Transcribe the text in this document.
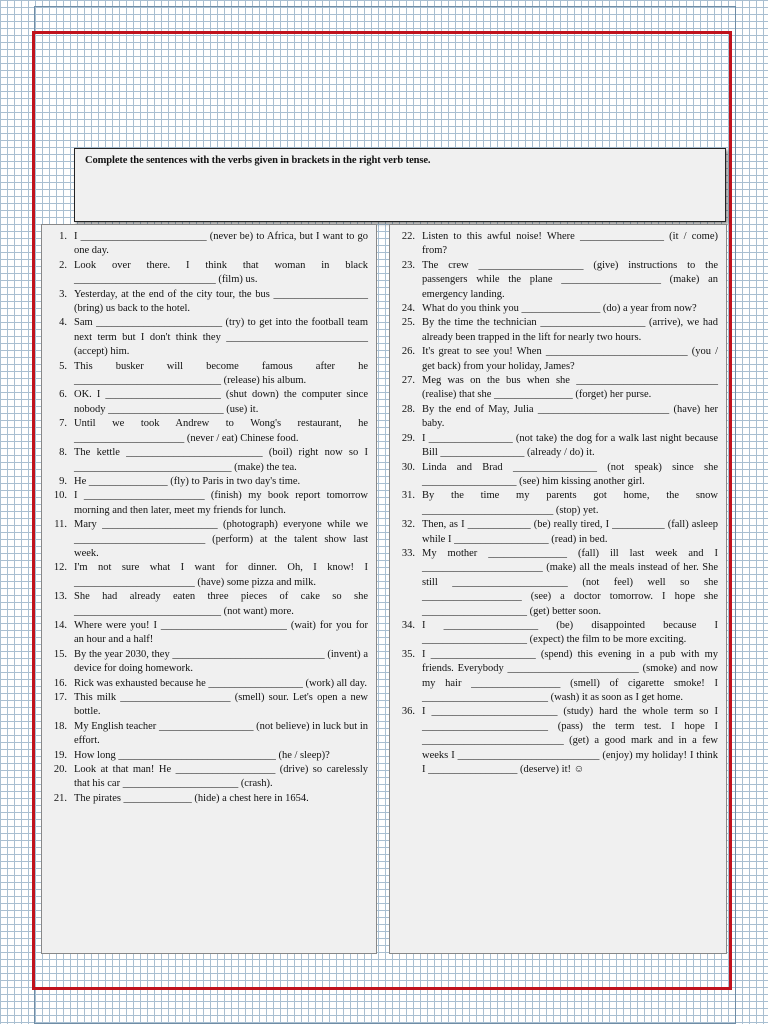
Complete the sentences with the verbs given in brackets in the right verb tense.
1. I ________________________ (never be) to Africa, but I want to go one day.
2. Look over there. I think that woman in black ___________________________ (film) us.
3. Yesterday, at the end of the city tour, the bus __________________ (bring) us back to the hotel.
4. Sam ________________________ (try) to get into the football team next term but I don't think they ___________________________ (accept) him.
5. This busker will become famous after he ____________________________ (release) his album.
6. OK. I ______________________ (shut down) the computer since nobody ______________________ (use) it.
7. Until we took Andrew to Wong's restaurant, he _____________________ (never / eat) Chinese food.
8. The kettle __________________________ (boil) right now so I ______________________________ (make) the tea.
9. He _______________ (fly) to Paris in two day's time.
10. I _______________________ (finish) my book report tomorrow morning and then later, meet my friends for lunch.
11. Mary ______________________ (photograph) everyone while we _________________________ (perform) at the talent show last week.
12. I'm not sure what I want for dinner. Oh, I know! I _______________________ (have) some pizza and milk.
13. She had already eaten three pieces of cake so she ____________________________ (not want) more.
14. Where were you! I ________________________ (wait) for you for an hour and a half!
15. By the year 2030, they _____________________________ (invent) a device for doing homework.
16. Rick was exhausted because he __________________ (work) all day.
17. This milk _____________________ (smell) sour. Let's open a new bottle.
18. My English teacher __________________ (not believe) in luck but in effort.
19. How long ______________________________ (he / sleep)?
20. Look at that man! He ___________________ (drive) so carelessly that his car ______________________ (crash).
21. The pirates _____________ (hide) a chest here in 1654.
22. Listen to this awful noise! Where ________________ (it / come) from?
23. The crew ____________________ (give) instructions to the passengers while the plane ___________________ (make) an emergency landing.
24. What do you think you _______________ (do) a year from now?
25. By the time the technician ____________________ (arrive), we had already been trapped in the lift for nearly two hours.
26. It's great to see you! When ___________________________ (you / get back) from your holiday, James?
27. Meg was on the bus when she ___________________________ (realise) that she _______________ (forget) her purse.
28. By the end of May, Julia _________________________ (have) her baby.
29. I ________________ (not take) the dog for a walk last night because Bill ________________ (already / do) it.
30. Linda and Brad ________________ (not speak) since she __________________ (see) him kissing another girl.
31. By the time my parents got home, the snow _________________________ (stop) yet.
32. Then, as I ____________ (be) really tired, I __________ (fall) asleep while I __________________ (read) in bed.
33. My mother _______________ (fall) ill last week and I _______________________ (make) all the meals instead of her. She still ______________________ (not feel) well so she ___________________ (see) a doctor tomorrow. I hope she ____________________ (get) better soon.
34. I __________________ (be) disappointed because I ____________________ (expect) the film to be more exciting.
35. I ____________________ (spend) this evening in a pub with my friends. Everybody _________________________ (smoke) and now my hair _________________ (smell) of cigarette smoke! I ________________________ (wash) it as soon as I get home.
36. I ________________________ (study) hard the whole term so I ________________________ (pass) the term test. I hope I ___________________________ (get) a good mark and in a few weeks I ___________________________ (enjoy) my holiday! I think I _________________ (deserve) it! ☺
